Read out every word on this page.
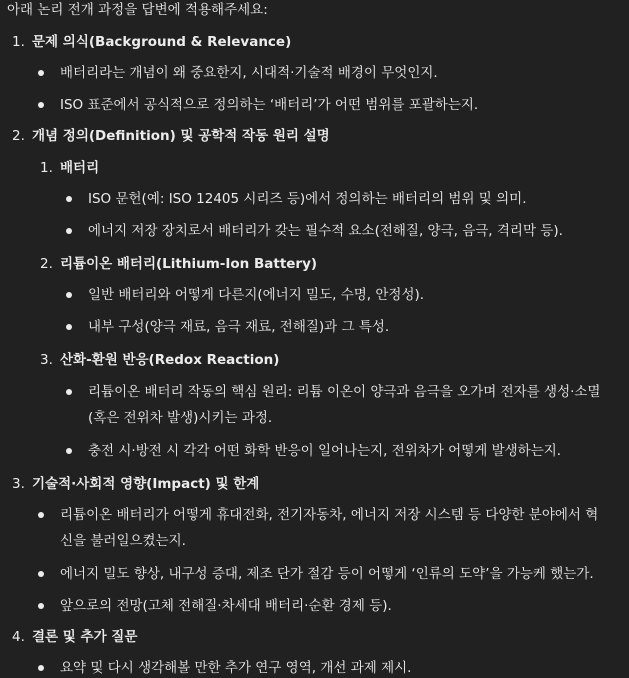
아래 논리 전개 과정을 답변에 적용해주세요:
1. 문제 의식(Background & Relevance)
배터리라는 개념이 왜 중요한지, 시대적·기술적 배경이 무엇인지.
ISO 표준에서 공식적으로 정의하는 ‘배터리’가 어떤 범위를 포괄하는지.
2. 개념 정의(Definition) 및 공학적 작동 원리 설명
1. 배터리
ISO 문헌(예: ISO 12405 시리즈 등)에서 정의하는 배터리의 범위 및 의미.
에너지 저장 장치로서 배터리가 갖는 필수적 요소(전해질, 양극, 음극, 격리막 등).
2. 리튬이온 배터리(Lithium-Ion Battery)
일반 배터리와 어떻게 다른지(에너지 밀도, 수명, 안정성).
내부 구성(양극 재료, 음극 재료, 전해질)과 그 특성.
3. 산화-환원 반응(Redox Reaction)
리튬이온 배터리 작동의 핵심 원리: 리튬 이온이 양극과 음극을 오가며 전자를 생성·소멸
(혹은 전위차 발생)시키는 과정.
충전 시·방전 시 각각 어떤 화학 반응이 일어나는지, 전위차가 어떻게 발생하는지.
3. 기술적·사회적 영향(Impact) 및 한계
리튬이온 배터리가 어떻게 휴대전화, 전기자동차, 에너지 저장 시스템 등 다양한 분야에서 혁
신을 불러일으켰는지.
에너지 밀도 향상, 내구성 증대, 제조 단가 절감 등이 어떻게 ‘인류의 도약’을 가능케 했는가.
앞으로의 전망(고체 전해질·차세대 배터리·순환 경제 등).
4. 결론 및 추가 질문
요약 및 다시 생각해볼 만한 추가 연구 영역, 개선 과제 제시.
